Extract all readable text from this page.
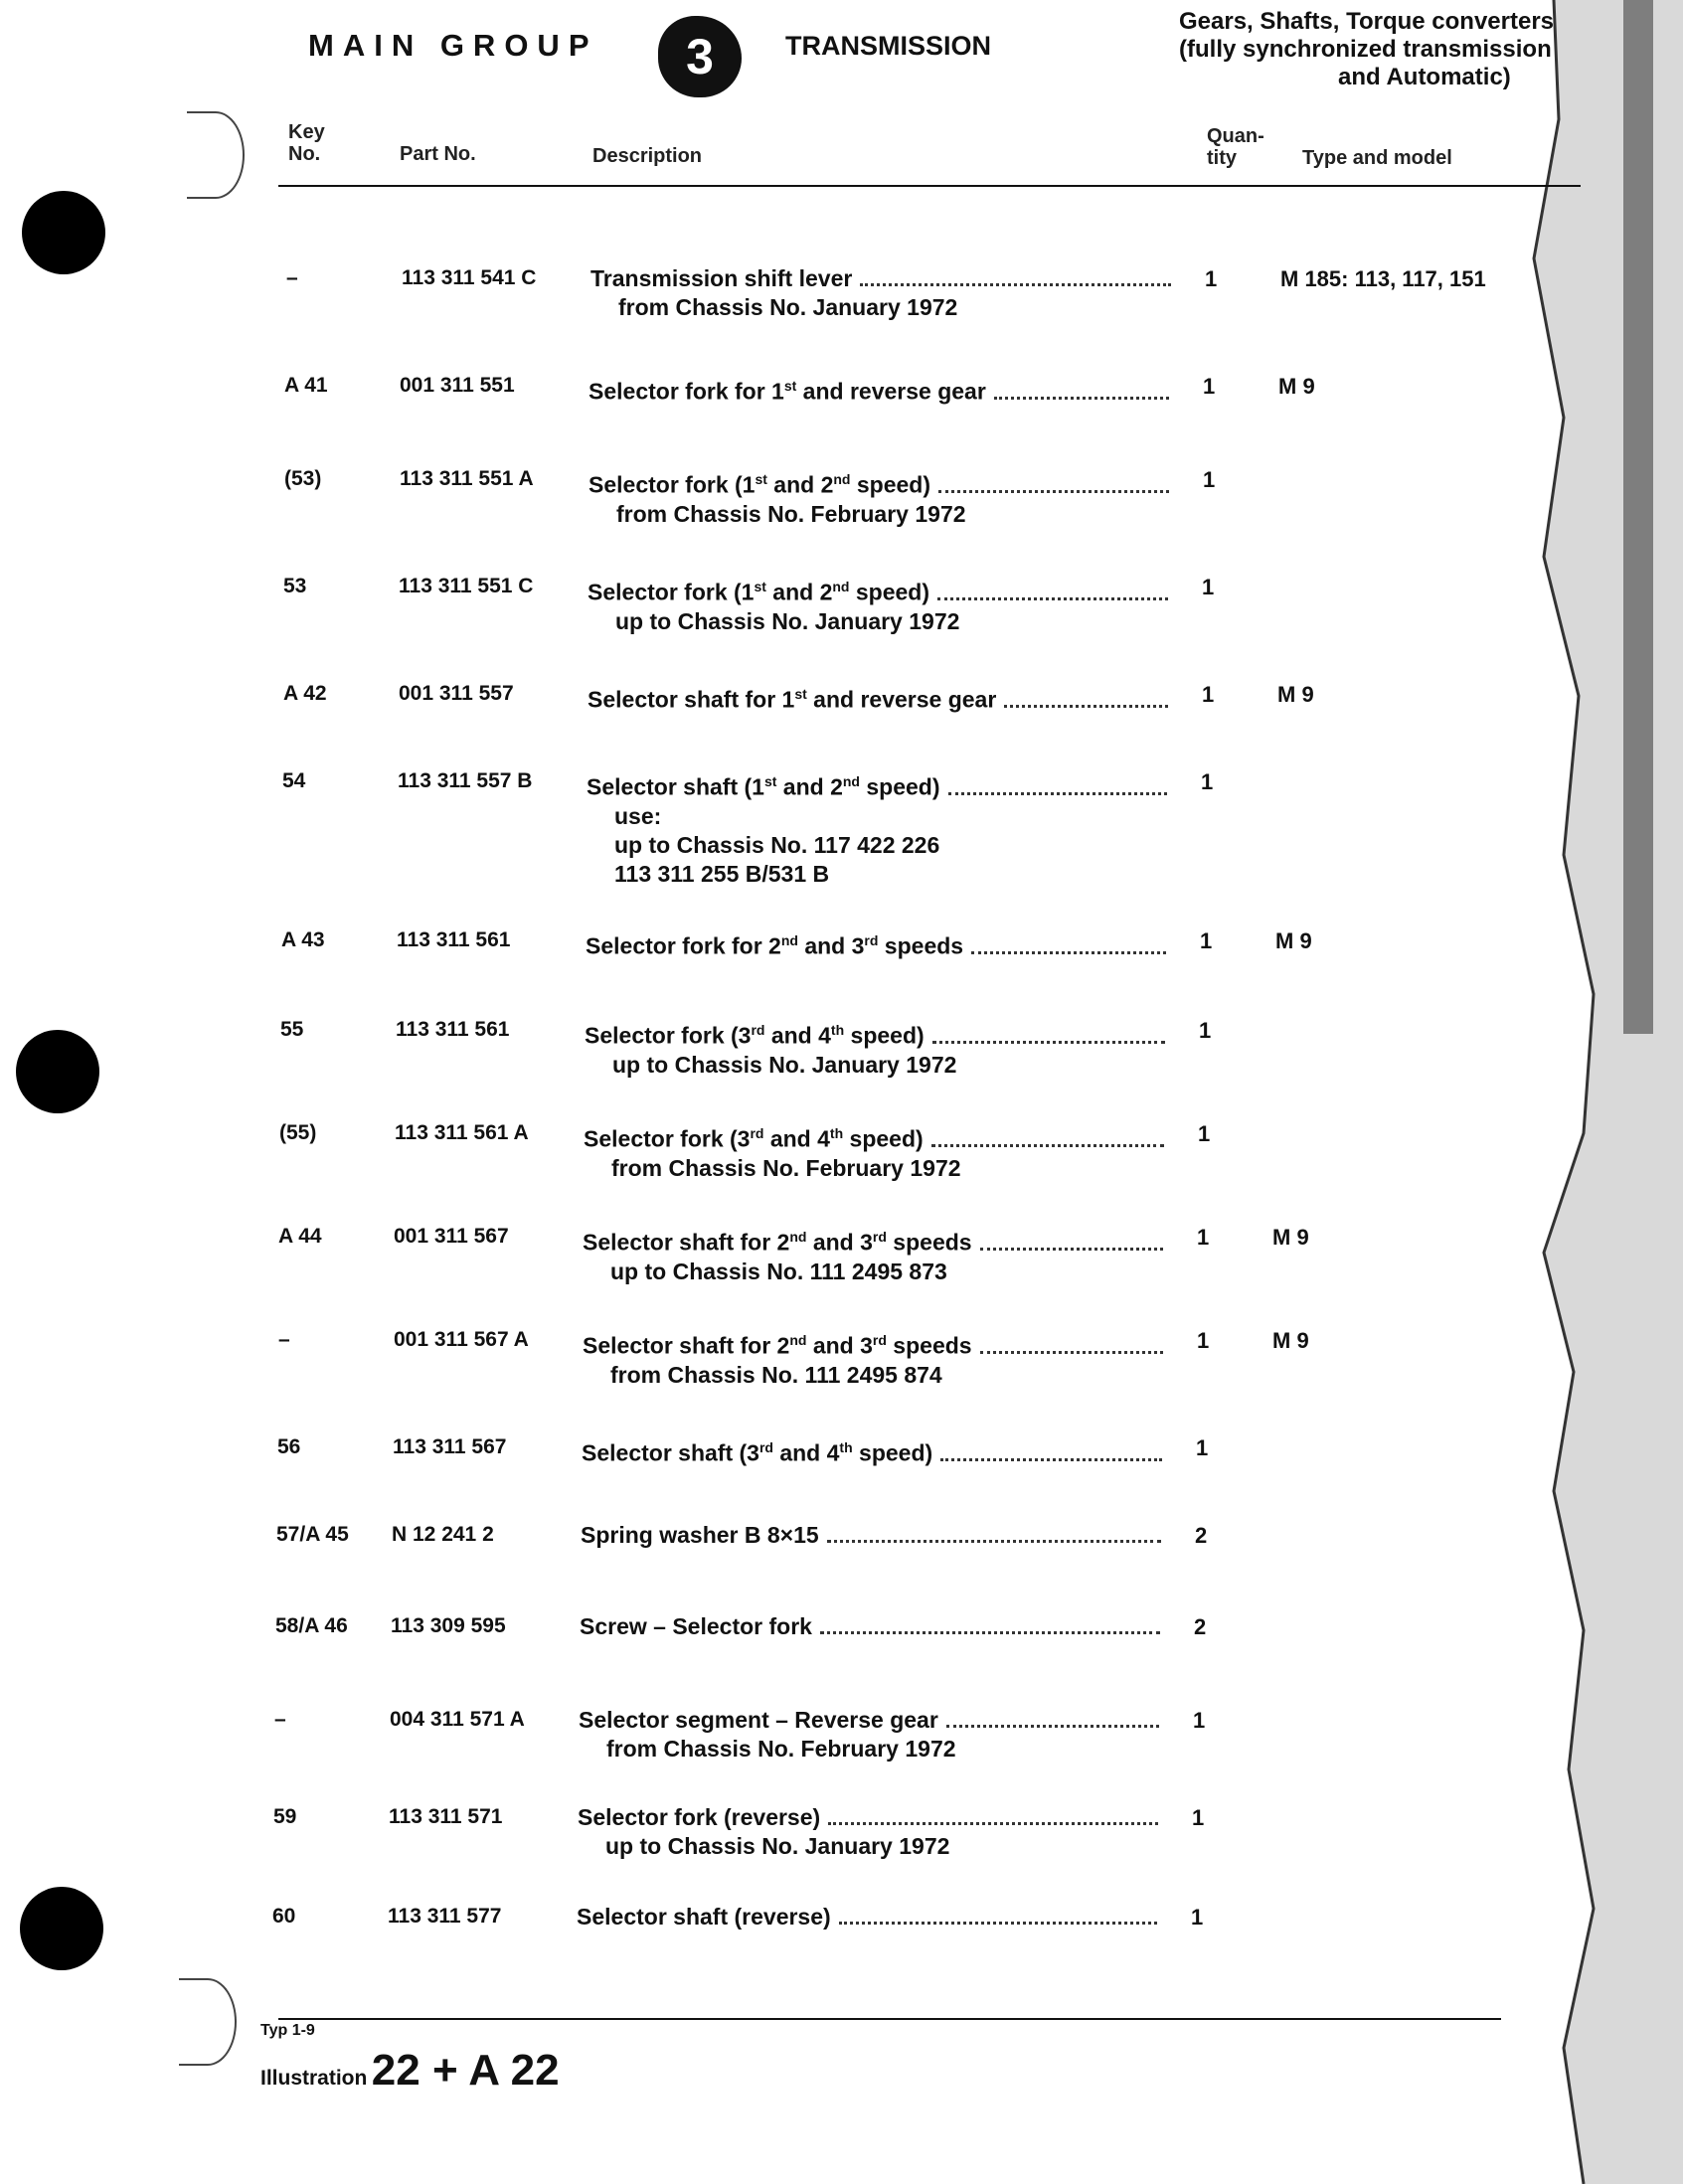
MAIN GROUP	3	TRANSMISSION
Gears, Shafts, Torque converters
(fully synchronized transmission
and Automatic)
Key
No.	Part No.	Description
Quan-
tity	Type and model
–	113 311 541 C Transmission shift lever
from Chassis No. January 1972
1	M 185: 113, 117, 151
A 41	001 311 551	Selector fork for 1st and reverse gear	1	M 9
(53)	113 311 551 A Selector fork (1st and 2nd speed)
from Chassis No. February 1972
1
53	113 311 551 C Selector fork (1st and 2nd speed)
up to Chassis No. January 1972
1
A 42	001 311 557	Selector shaft for 1st and reverse gear	1	M 9
54	113 311 557 B Selector shaft (1st and 2nd speed)
use:
up to Chassis No. 117 422 226
113 311 255 B/531 B
1
A 43	113 311 561	Selector fork for 2nd and 3rd speeds	1	M 9
55	113 311 561	Selector fork (3rd and 4th speed)
up to Chassis No. January 1972
1
(55)	113 311 561 A Selector fork (3rd and 4th speed)
from Chassis No. February 1972
1
A 44	001 311 567	Selector shaft for 2nd and 3rd speeds
up to Chassis No. 111 2495 873
1	M 9
–	001 311 567 A Selector shaft for 2nd and 3rd speeds
from Chassis No. 111 2495 874
1	M 9
56	113 311 567	Selector shaft (3rd and 4th speed)	1
57/A 45 N 12 241 2	Spring washer B 8×15	2
58/A 46 113 309 595	Screw – Selector fork	2
–	004 311 571 A Selector segment – Reverse gear
from Chassis No. February 1972
1
59	113 311 571	Selector fork (reverse)
up to Chassis No. January 1972
1
60	113 311 577	Selector shaft (reverse)	1
Typ 1-9
Illustration 22 + A 22
